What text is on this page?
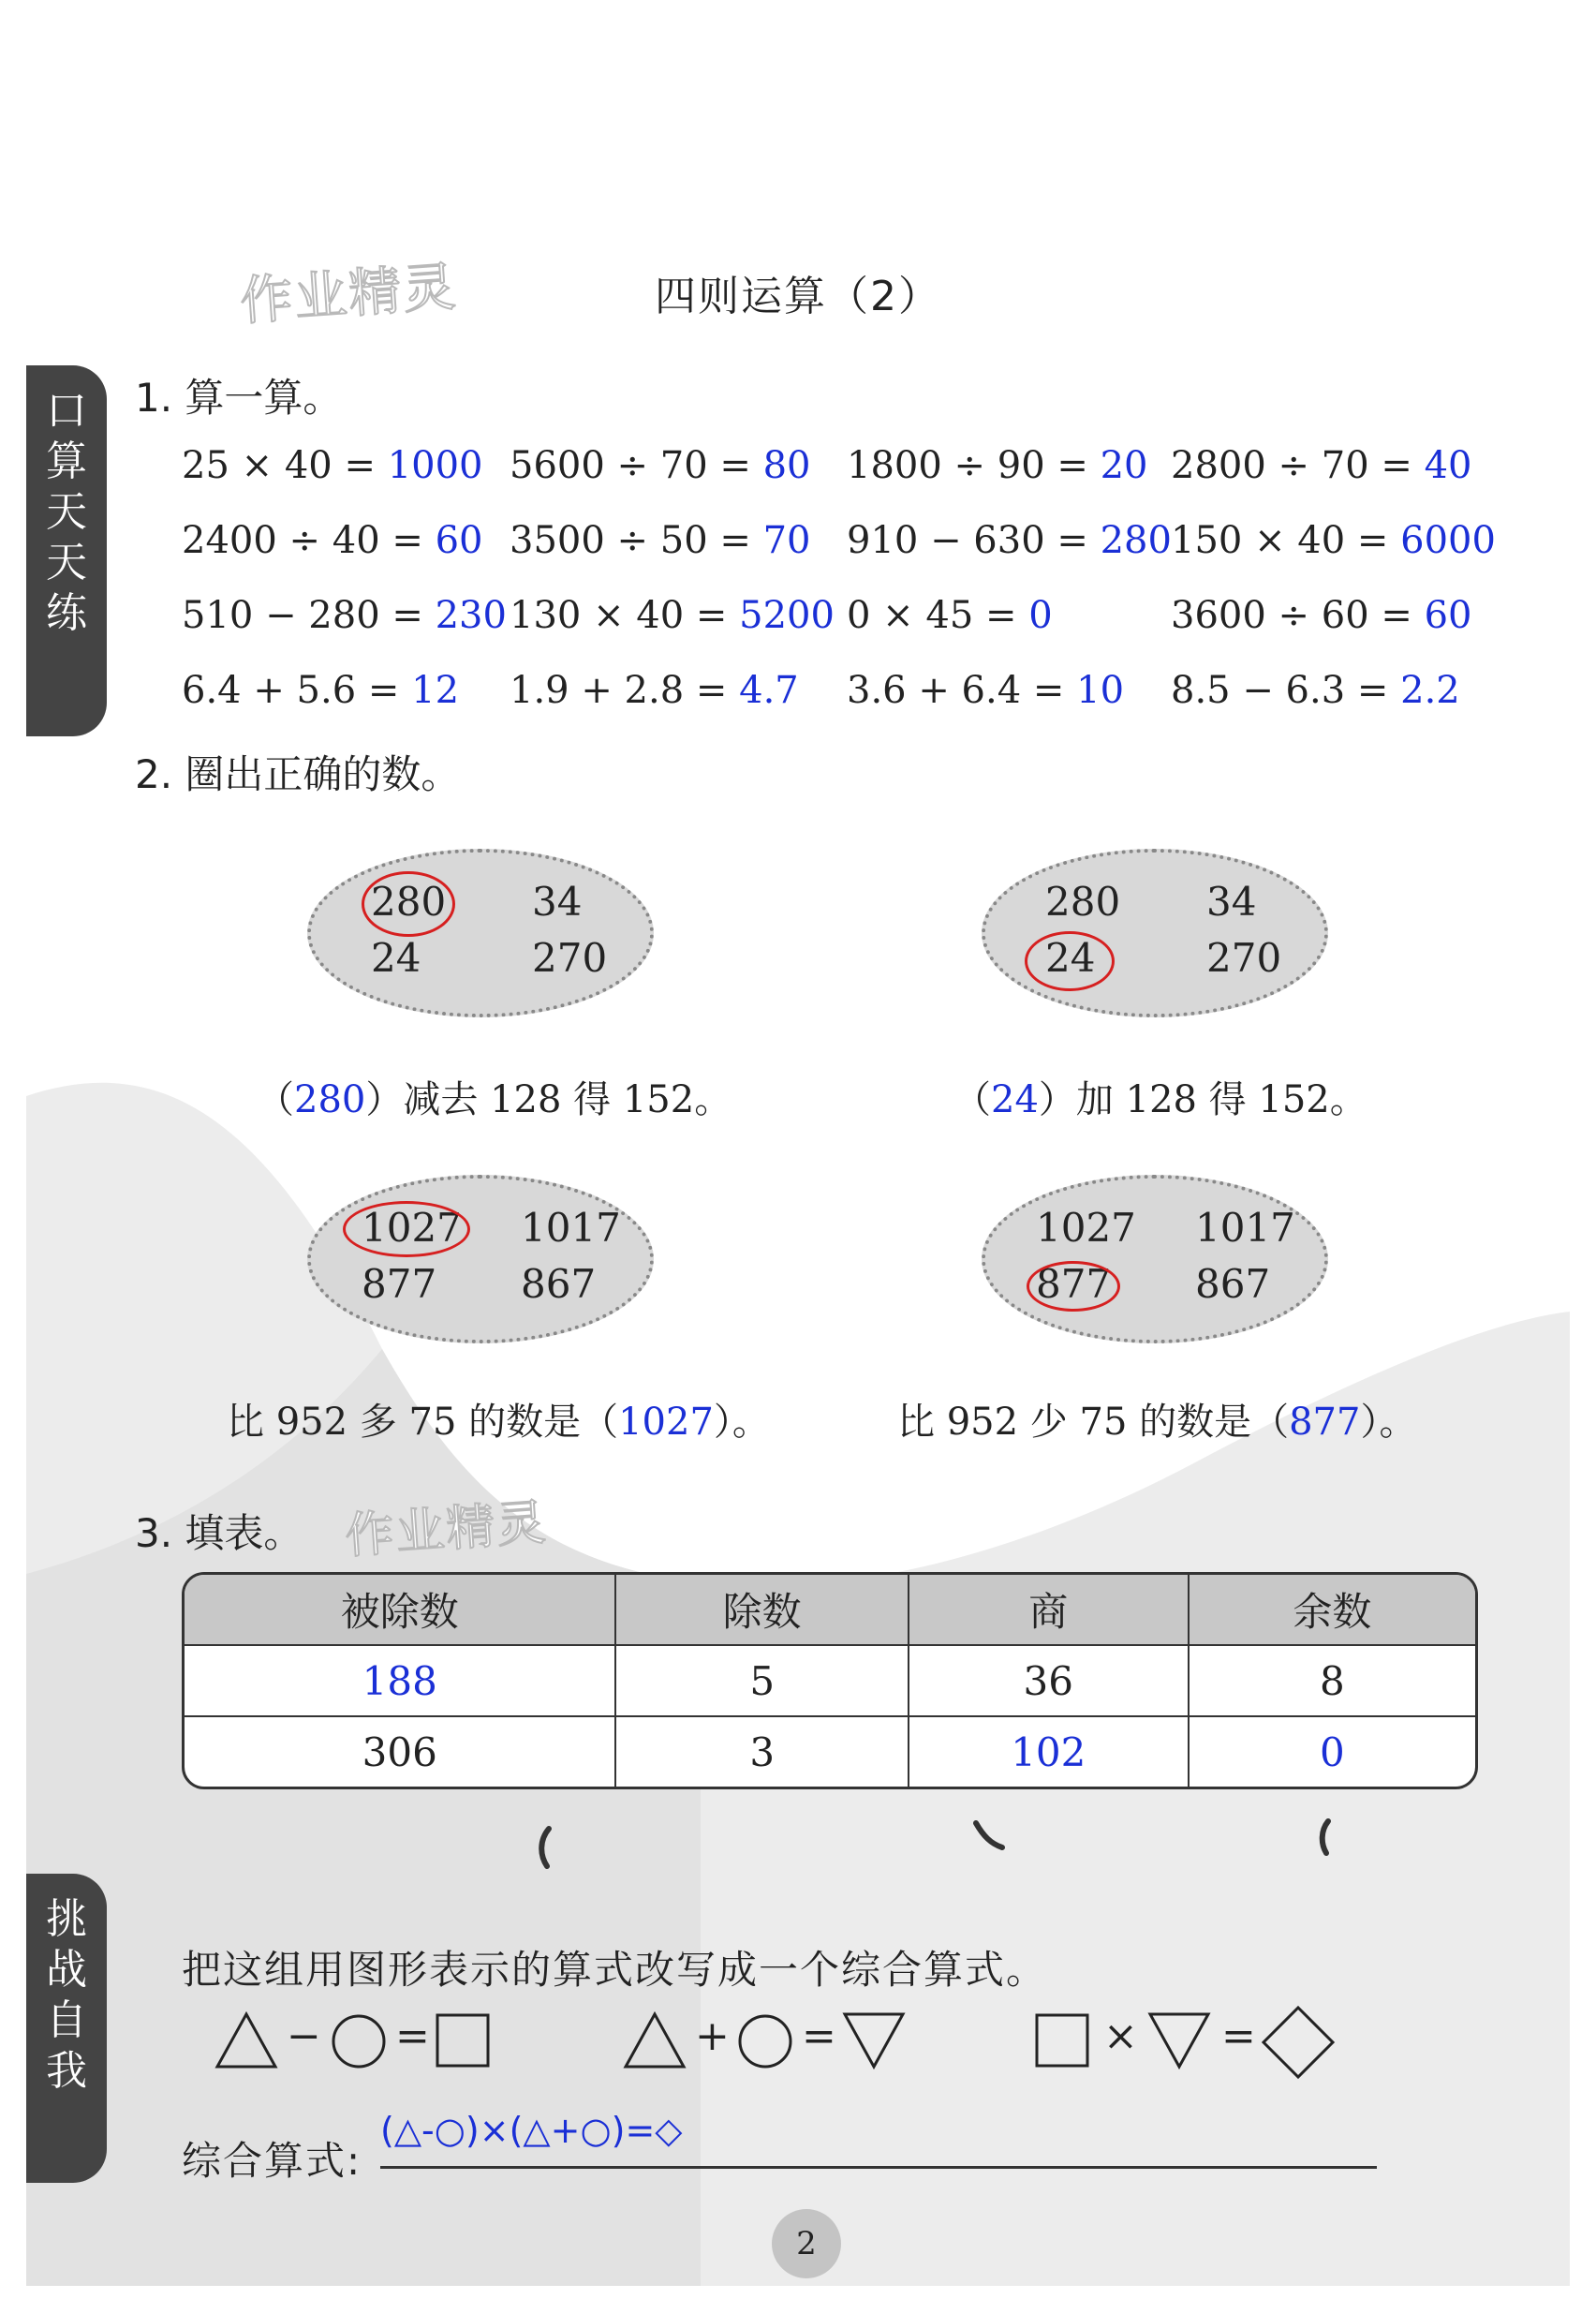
作业精灵
作业精灵
四则运算（2）
口
算
天
天
练
挑
战
自
我
1. 算一算。
25 × 40 = 1000 5600 ÷ 70 = 80 1800 ÷ 90 = 20 2800 ÷ 70 = 40
2400 ÷ 40 = 60 3500 ÷ 50 = 70 910 − 630 = 280 150 × 40 = 6000
510 − 280 = 230 130 × 40 = 5200 0 × 45 = 0	3600 ÷ 60 = 60
6.4 + 5.6 = 12 1.9 + 2.8 = 4.7 3.6 + 6.4 = 10 8.5 − 6.3 = 2.2
2. 圈出正确的数。
280 34
24	270
（280）减去 128 得 152。
280 34
24	270
（24）加 128 得 152。
1027 1017
877 867
比 952 多 75 的数是（1027）。
1027 1017
877 867
比 952 少 75 的数是（877）。
3. 填表。
被除数	除数	商	余数
188	5	36	8
306	3	102	0
把这组用图形表示的算式改写成一个综合算式。
− =	+ =	× =
综合算式:
(△-○)×(△+○)=◇
2
